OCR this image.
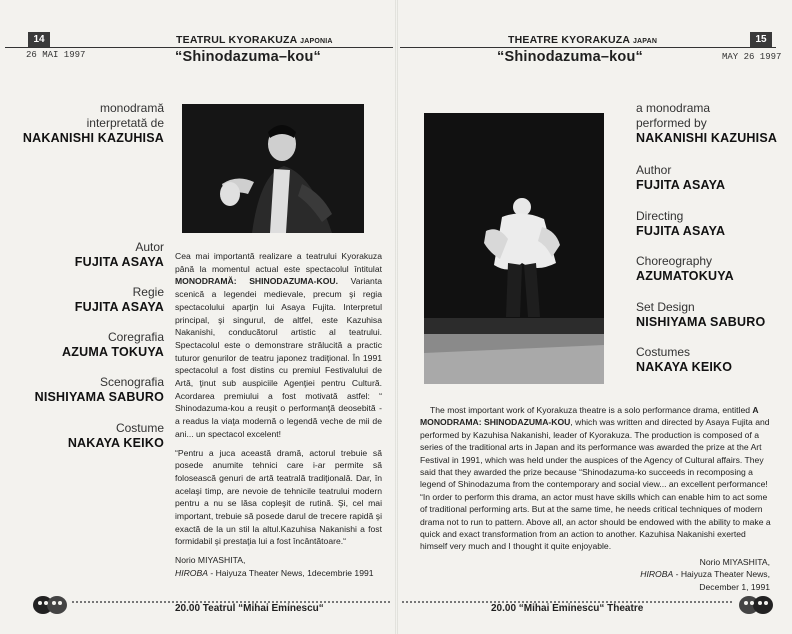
14	TEATRUL KYORAKUZA JAPONIA
26 MAI 1997	“Shinodazuma–kou“
monodramă
interpretată de
NAKANISHI KAZUHISA
Autor
FUJITA ASAYA
Regie
FUJITA ASAYA
Coregrafia
AZUMA TOKUYA
Scenografia
NISHIYAMA SABURO
Costume
NAKAYA KEIKO

Cea mai importantă realizare a teatrului Kyorakuza până la momentul actual este spectacolul întitulat MONODRAMĂ: SHINODAZUMA-KOU. Varianta scenică a legendei medievale, precum şi regia spectacolului aparţin lui Asaya Fujita. Interpretul principal, şi singurul, de altfel, este Kazuhisa Nakanishi, conducătorul artistic al teatrului. Spectacolul este o demonstrare strălucită a practic tuturor genurilor de teatru japonez tradiţional. În 1991 spectacolul a fost distins cu premiul Festivalului de Artă, ţinut sub auspiciile Agenţiei pentru Cultură. Acordarea premiului a fost motivată astfel: “ Shinodazuma-kou a reuşit o performanţă deosebită - a readus la viaţa modernă o legendă veche de mii de ani... un spectacol excelent!

“Pentru a juca această dramă, actorul trebuie să posede anumite tehnici care i-ar permite să folosească genuri de artă teatrală tradiţională. Dar, în acelaşi timp, are nevoie de tehnicile teatrului modern pentru a nu se lăsa copleşit de rutină. Şi, cel mai important, trebuie să posede darul de trecere rapidă şi exactă de la un stil la altul.Kazuhisa Nakanishi a fost formidabil şi prestaţia lui a fost încântătoare.“

Norio MIYASHITA,

HIROBA - Haiyuza Theater News, 1decembrie 1991

20.00 Teatrul “Mihai Eminescu“
15
THEATRE KYORAKUZA JAPAN
MAY 26 1997
“Shinodazuma–kou“
a monodrama
performed by
NAKANISHI KAZUHISA
Author
FUJITA ASAYA
Directing
FUJITA ASAYA
Choreography
AZUMATOKUYA
Set Design
NISHIYAMA SABURO
Costumes
NAKAYA KEIKO

The most important work of Kyorakuza theatre is a solo performance drama, entitled A MONODRAMA: SHINODAZUMA-KOU, which was written and directed by Asaya Fujita and performed by Kazuhisa Nakanishi, leader of Kyorakuza. The production is composed of a series of the traditional arts in Japan and its performance was awarded the prize at the Art Festival in 1991, which was held under the auspices of the Agency of Cultural affairs. They said that they awarded the prize because “Shinodazuma-ko succeeds in recomposing a legend of Shinodazuma from the contemporary and social view... an excellent performance!

“In order to perform this drama, an actor must have skills which can enable him to act some of traditional performing arts. But at the same time, he needs critical techniques of modern drama not to run to pattern. Above all, an actor should be endowed with the ability to make a quick and exact transformation from an action to another. Kazuhisa Nakanishi exerted himself very much and I thought it quite enjoyable.

Norio MIYASHITA,
HIROBA - Haiyuza Theater News,
December 1, 1991
20.00 “Mihai Eminescu“ Theatre
